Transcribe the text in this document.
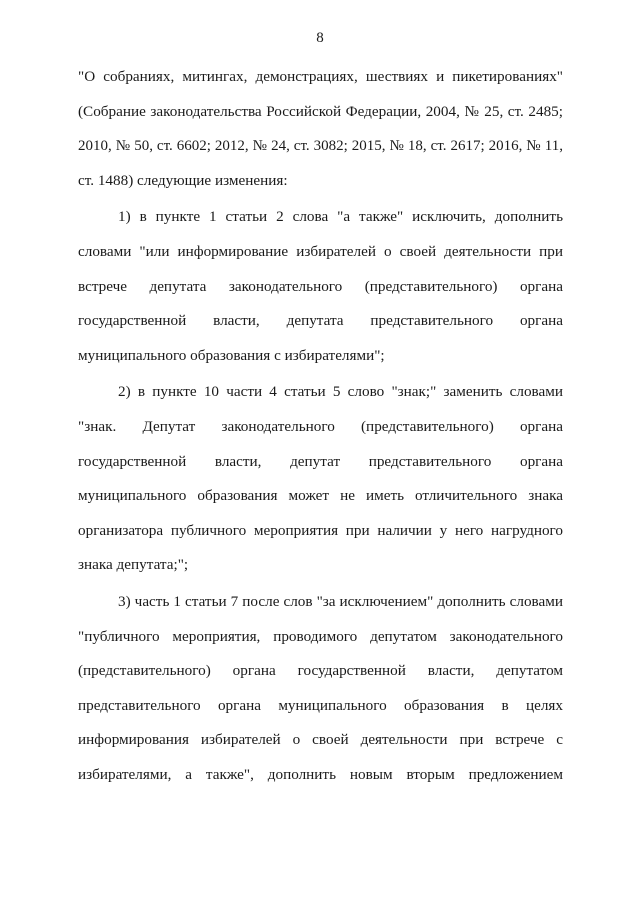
8
"О собраниях, митингах, демонстрациях, шествиях и пикетированиях"
(Собрание законодательства Российской Федерации, 2004, № 25, ст. 2485;
2010, № 50, ст. 6602; 2012, № 24, ст. 3082; 2015, № 18, ст. 2617; 2016, № 11,
ст. 1488) следующие изменения:
1) в пункте 1 статьи 2 слова "а также" исключить, дополнить
словами "или информирование избирателей о своей деятельности при
встрече депутата законодательного (представительного) органа
государственной власти, депутата представительного органа
муниципального образования с избирателями";
2) в пункте 10 части 4 статьи 5 слово "знак;" заменить словами
"знак. Депутат законодательного (представительного) органа
государственной власти, депутат представительного органа
муниципального образования может не иметь отличительного знака
организатора публичного мероприятия при наличии у него нагрудного
знака депутата;";
3) часть 1 статьи 7 после слов "за исключением" дополнить словами
"публичного мероприятия, проводимого депутатом законодательного
(представительного) органа государственной власти, депутатом
представительного органа муниципального образования в целях
информирования избирателей о своей деятельности при встрече с
избирателями, а также", дополнить новым вторым предложением
